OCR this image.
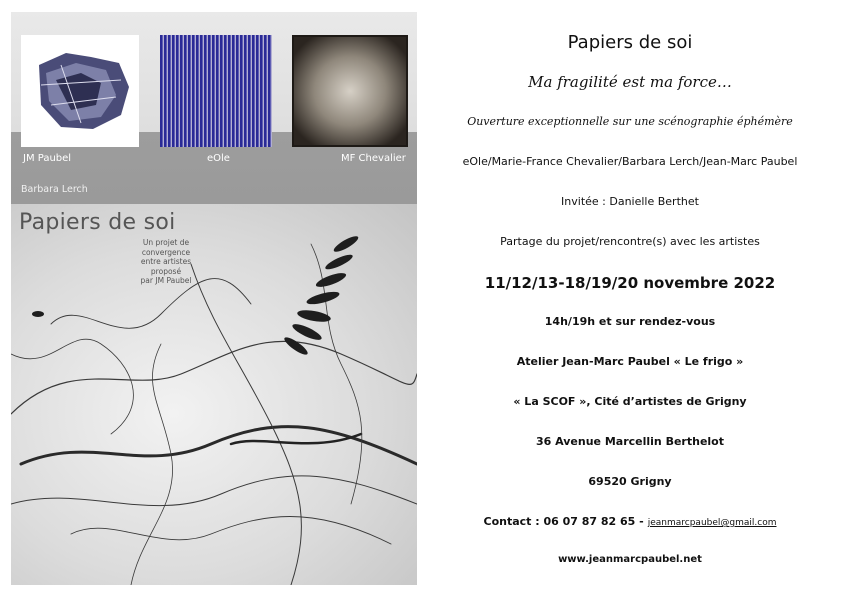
JM Paubel	eOle	MF Chevalier
Barbara Lerch
Papiers de soi
Un projet de
convergence
entre artistes
proposé
par JM Paubel
Papiers de soi
Ma fragilité est ma force…
Ouverture exceptionnelle sur une scénographie éphémère
eOle/Marie-France Chevalier/Barbara Lerch/Jean-Marc Paubel
Invitée : Danielle Berthet
Partage du projet/rencontre(s) avec les artistes
11/12/13-18/19/20 novembre 2022
14h/19h et sur rendez-vous
Atelier Jean-Marc Paubel « Le frigo »
« La SCOF », Cité d’artistes de Grigny
36 Avenue Marcellin Berthelot
69520 Grigny
Contact : 06 07 87 82 65 - jeanmarcpaubel@gmail.com
www.jeanmarcpaubel.net
